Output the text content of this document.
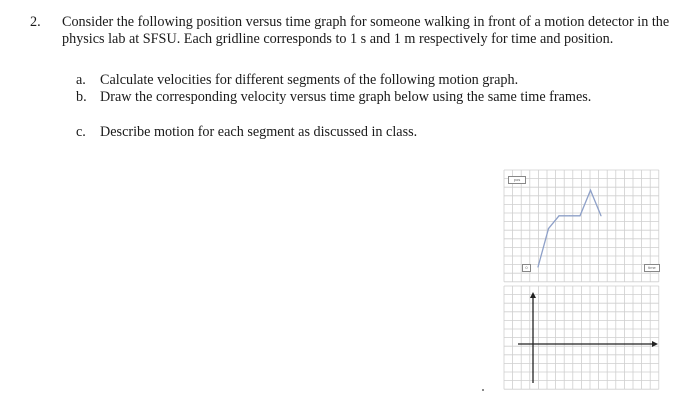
2. Consider the following position versus time graph for someone walking in front of a motion detector in the physics lab at SFSU. Each gridline corresponds to 1 s and 1 m respectively for time and position.
a. Calculate velocities for different segments of the following motion graph.
b. Draw the corresponding velocity versus time graph below using the same time frames.
c. Describe motion for each segment as discussed in class.
pos
0	time
